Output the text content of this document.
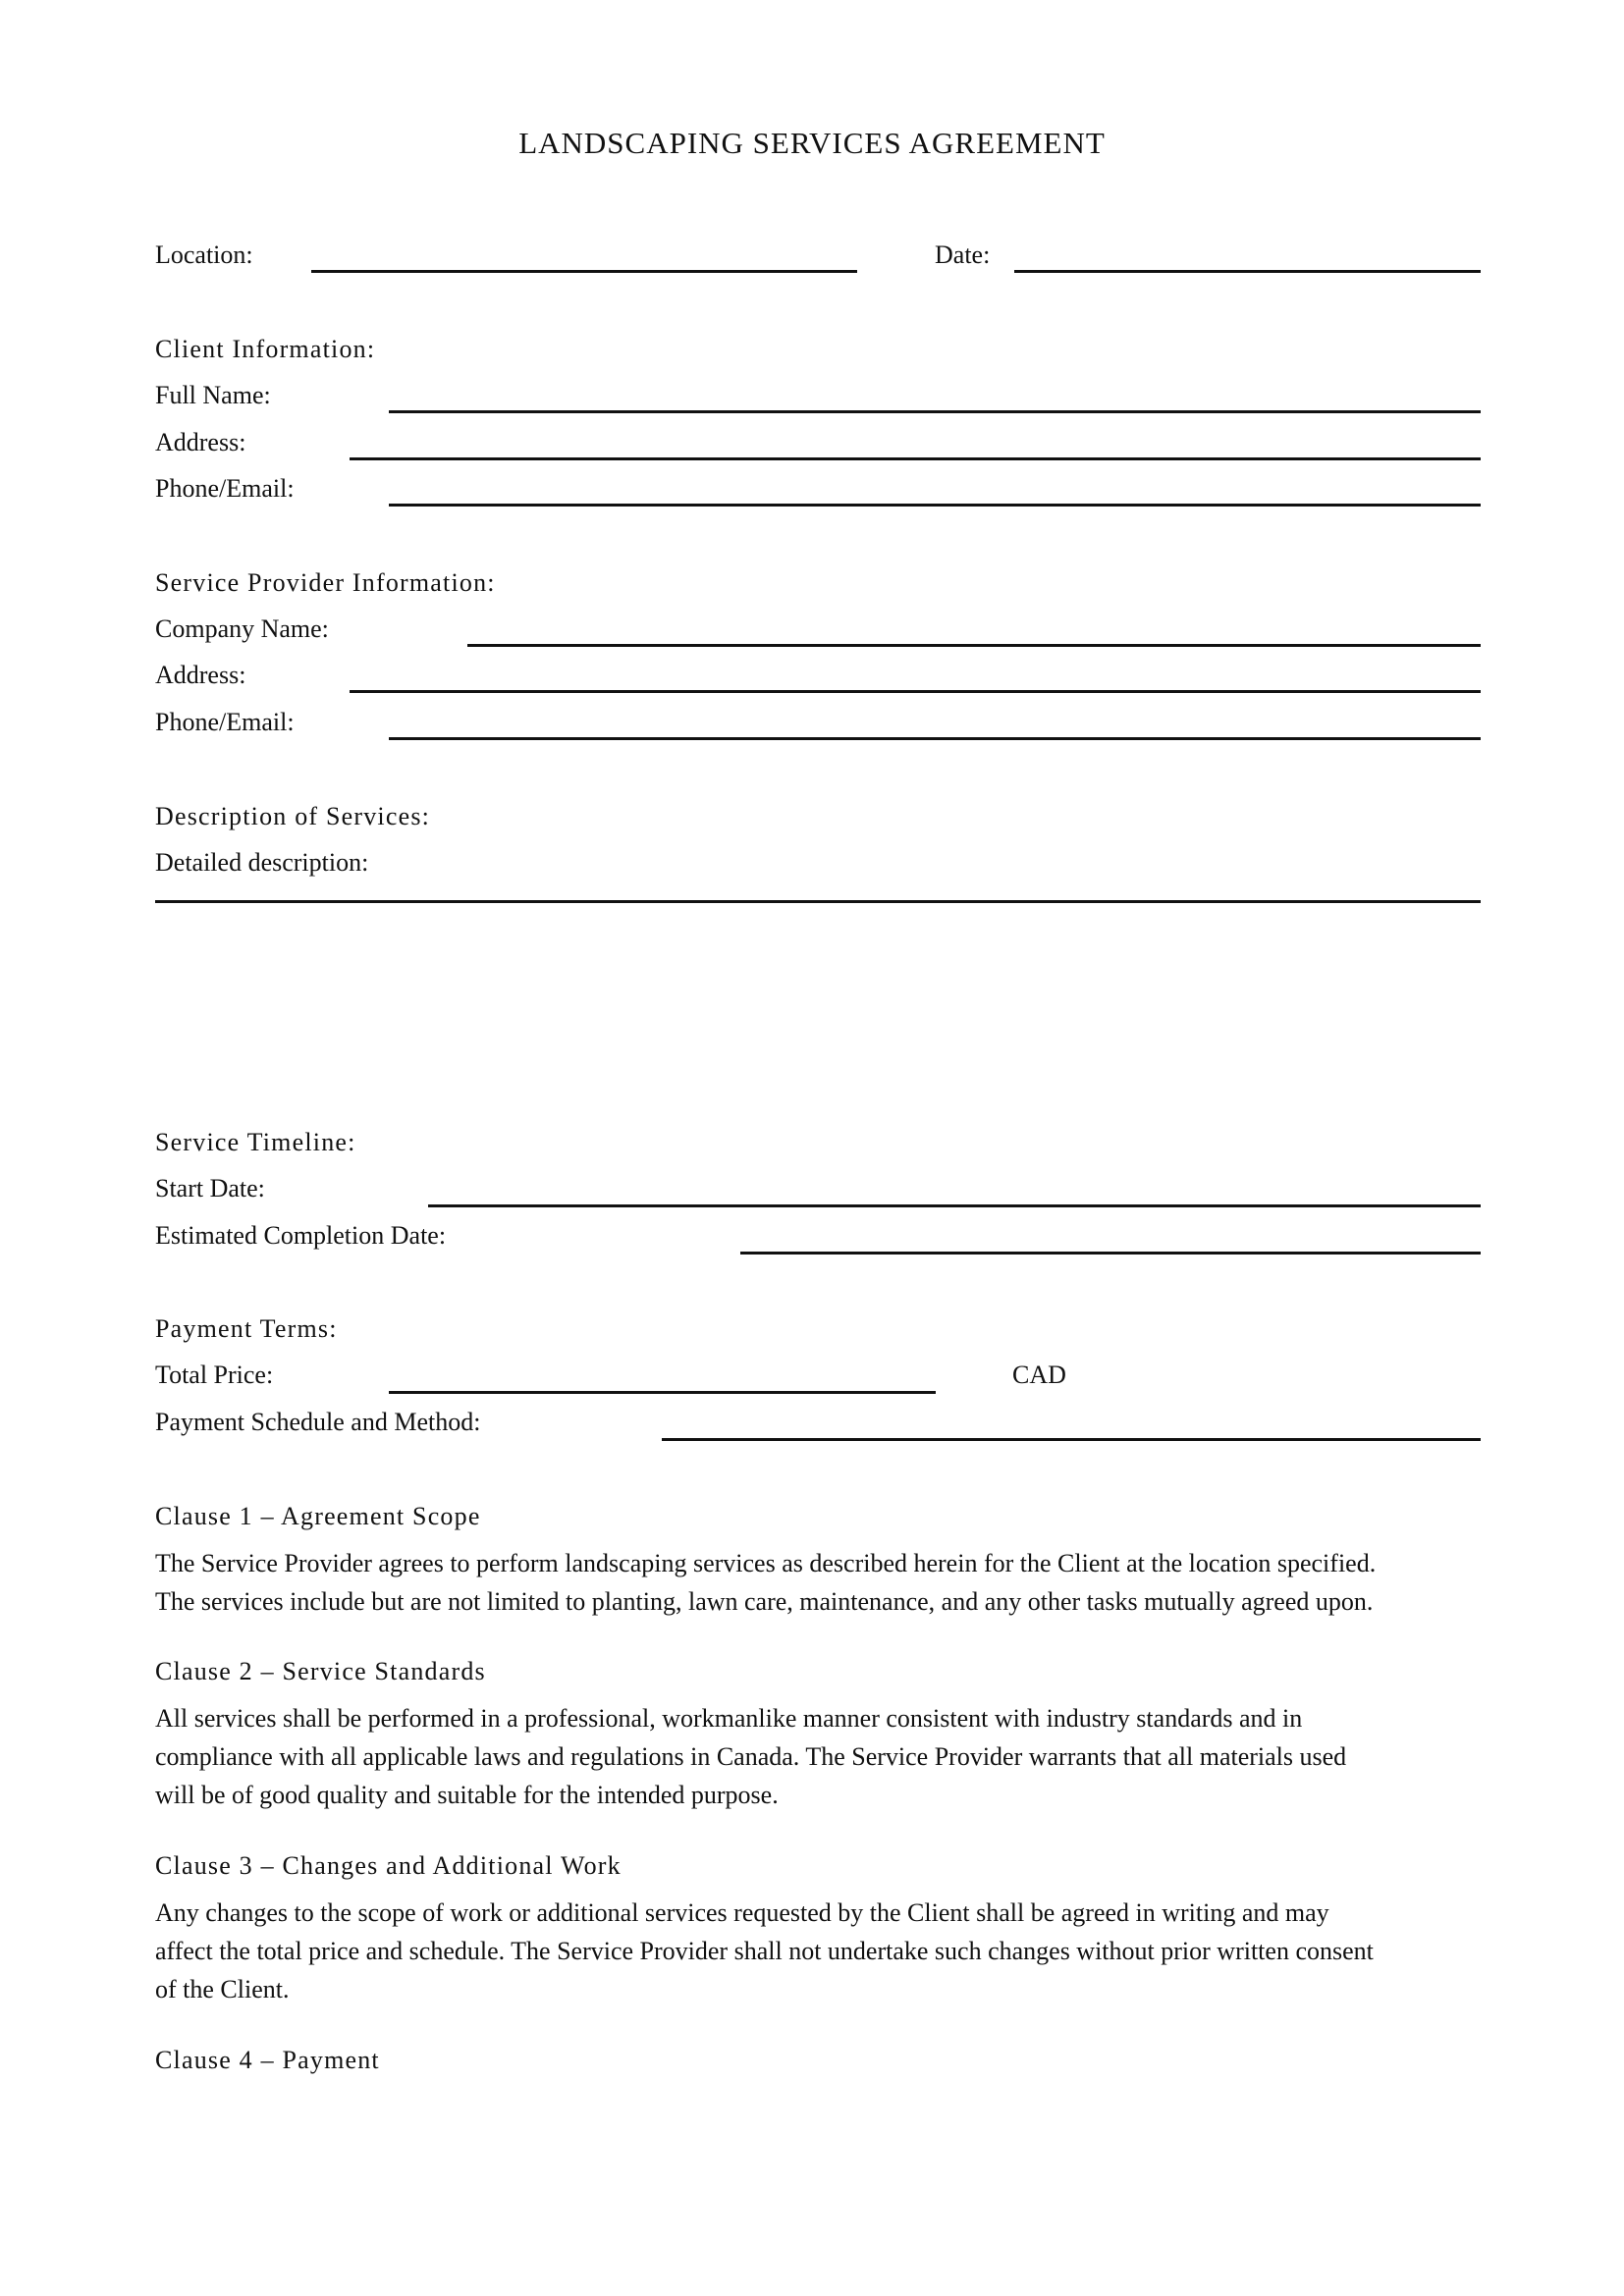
LANDSCAPING SERVICES AGREEMENT
Location:	Date:
Client Information:
Full Name:
Address:
Phone/Email:
Service Provider Information:
Company Name:
Address:
Phone/Email:
Description of Services:
Detailed description:
Service Timeline:
Start Date:
Estimated Completion Date:
Payment Terms:
Total Price:	CAD
Payment Schedule and Method:
Clause 1 – Agreement Scope
The Service Provider agrees to perform landscaping services as described herein for the Client at the location specified.
The services include but are not limited to planting, lawn care, maintenance, and any other tasks mutually agreed upon.
Clause 2 – Service Standards
All services shall be performed in a professional, workmanlike manner consistent with industry standards and in
compliance with all applicable laws and regulations in Canada. The Service Provider warrants that all materials used
will be of good quality and suitable for the intended purpose.
Clause 3 – Changes and Additional Work
Any changes to the scope of work or additional services requested by the Client shall be agreed in writing and may
affect the total price and schedule. The Service Provider shall not undertake such changes without prior written consent
of the Client.
Clause 4 – Payment
